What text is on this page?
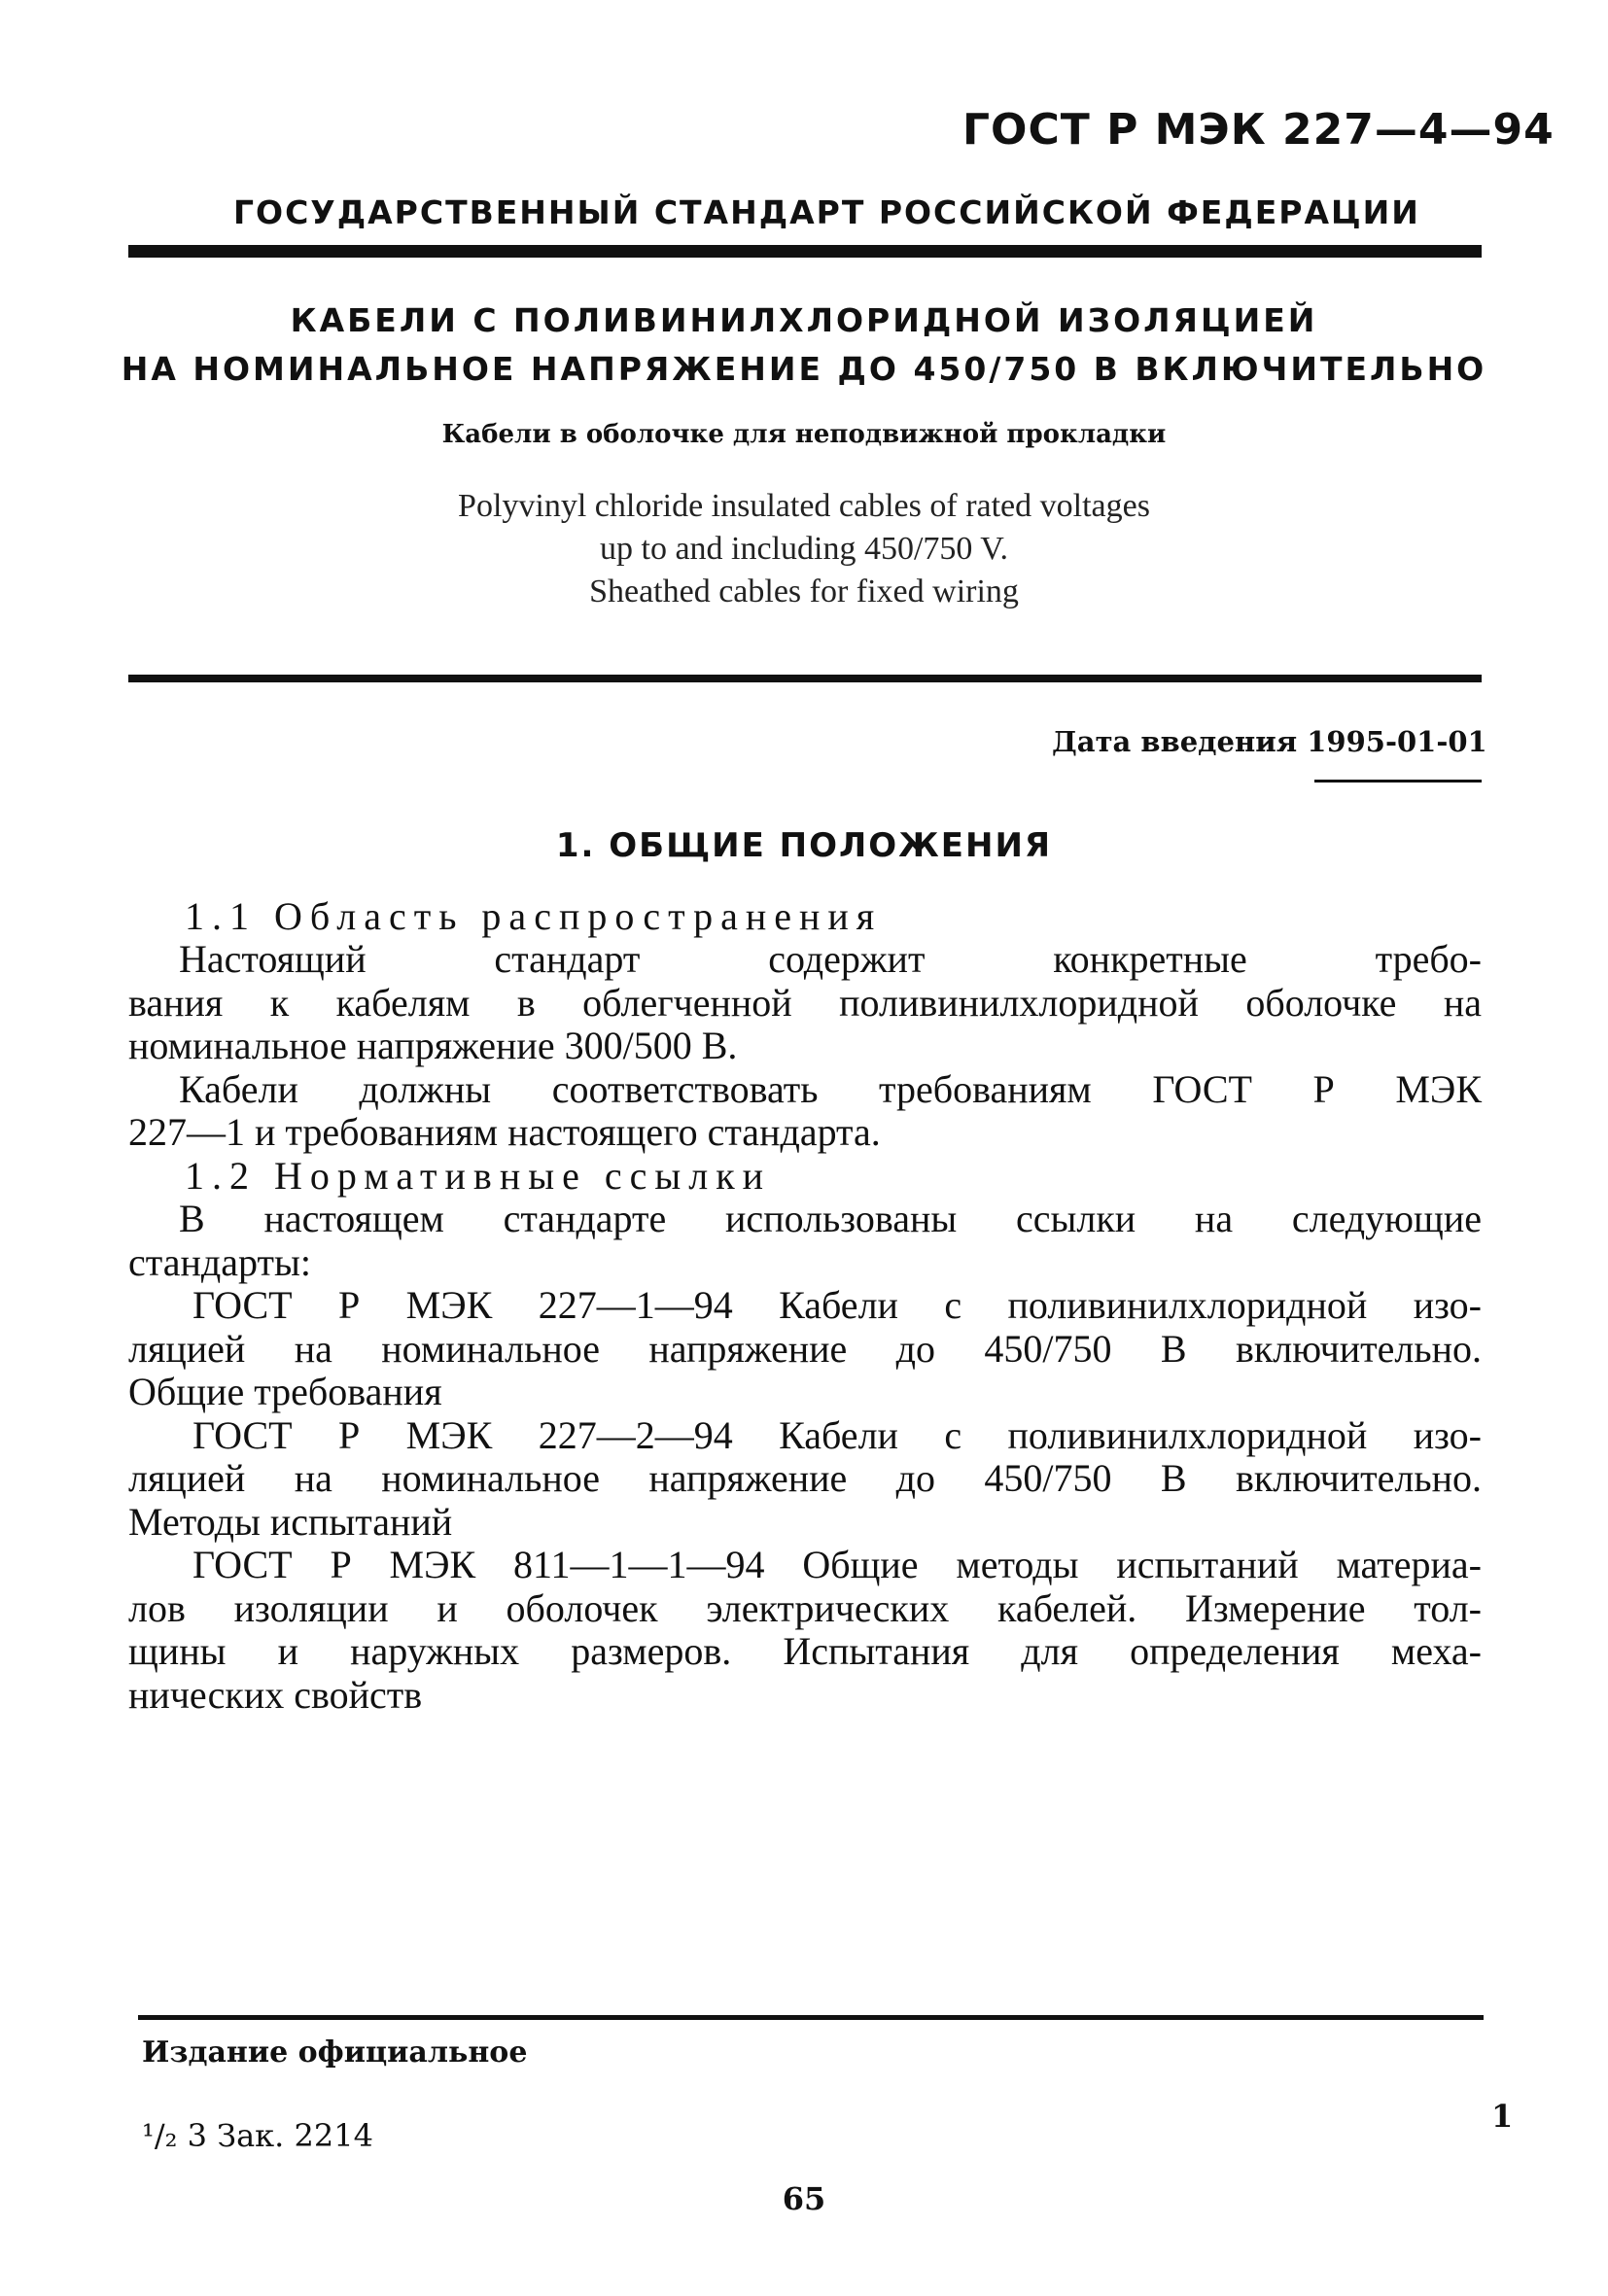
ГОСТ Р МЭК 227—4—94
ГОСУДАРСТВЕННЫЙ СТАНДАРТ РОССИЙСКОЙ ФЕДЕРАЦИИ
КАБЕЛИ С ПОЛИВИНИЛХЛОРИДНОЙ ИЗОЛЯЦИЕЙ
НА НОМИНАЛЬНОЕ НАПРЯЖЕНИЕ ДО 450/750 В ВКЛЮЧИТЕЛЬНО
Кабели в оболочке для неподвижной прокладки
Polyvinyl chloride insulated cables of rated voltages
up to and including 450/750 V.
Sheathed cables for fixed wiring
Дата введения 1995-01-01
1. ОБЩИЕ ПОЛОЖЕНИЯ
1.1 Область распространения
Настоящий стандарт содержит конкретные требо-
вания к кабелям в облегченной поливинилхлоридной оболочке на
номинальное напряжение 300/500 В.
Кабели должны соответствовать требованиям ГОСТ Р МЭК
227—1 и требованиям настоящего стандарта.
1.2 Нормативные ссылки
В настоящем стандарте использованы ссылки на следующие
стандарты:
ГОСТ Р МЭК 227—1—94 Кабели с поливинилхлоридной изо-
ляцией на номинальное напряжение до 450/750 В включительно.
Общие требования
ГОСТ Р МЭК 227—2—94 Кабели с поливинилхлоридной изо-
ляцией на номинальное напряжение до 450/750 В включительно.
Методы испытаний
ГОСТ Р МЭК 811—1—1—94 Общие методы испытаний материа-
лов изоляции и оболочек электрических кабелей. Измерение тол-
щины и наружных размеров. Испытания для определения меха-
нических свойств
Издание официальное
¹/₂ 3 Зак. 2214
1
65
